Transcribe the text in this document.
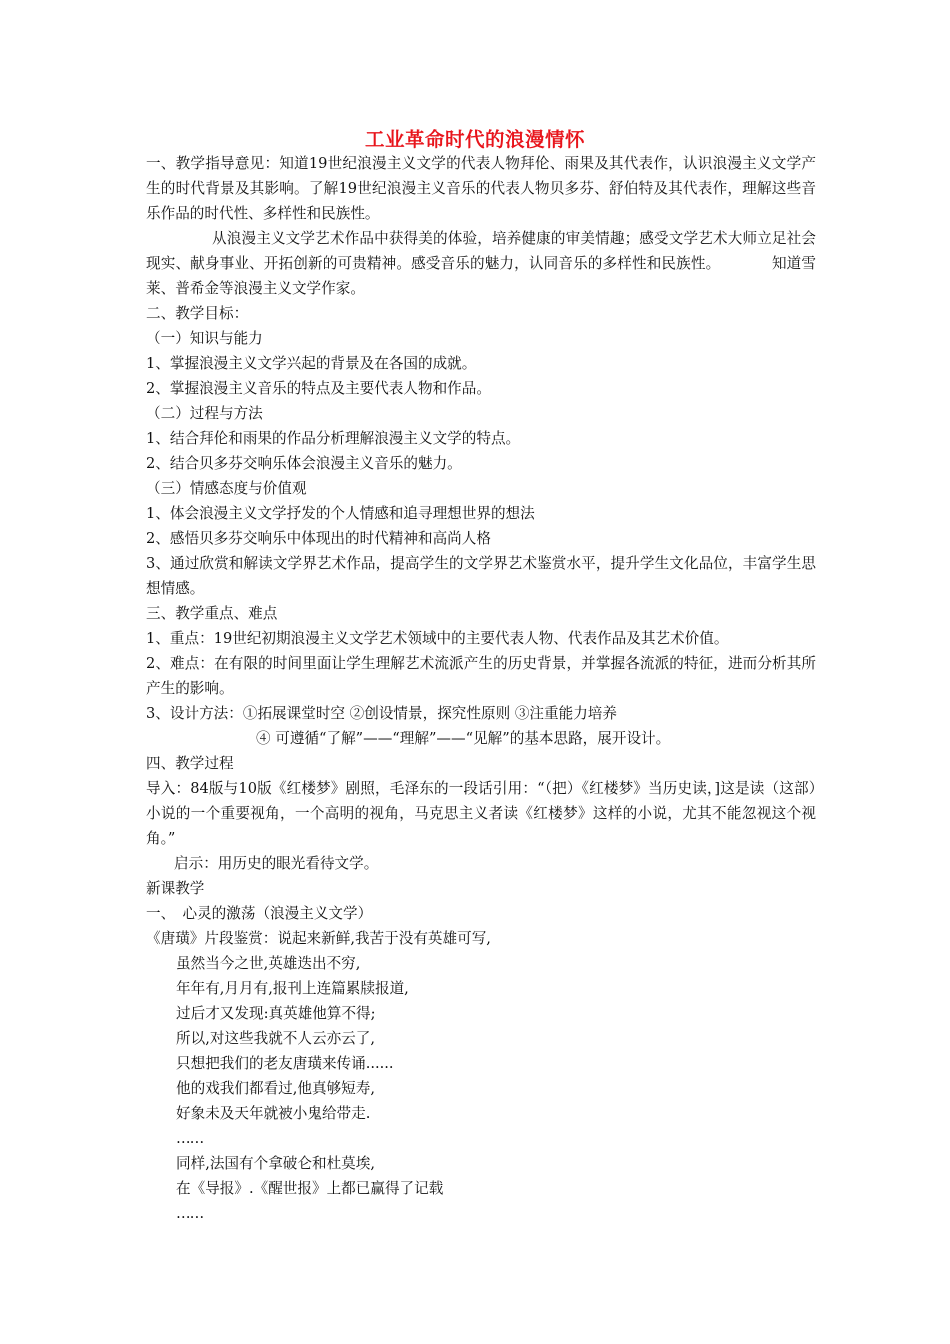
工业革命时代的浪漫情怀

一、教学指导意见：知道19世纪浪漫主义文学的代表人物拜伦、雨果及其代表作，认识浪漫主义文学产生的时代背景及其影响。了解19世纪浪漫主义音乐的代表人物贝多芬、舒伯特及其代表作，理解这些音乐作品的时代性、多样性和民族性。

从浪漫主义文学艺术作品中获得美的体验，培养健康的审美情趣；感受文学艺术大师立足社会现实、献身事业、开拓创新的可贵精神。感受音乐的魅力，认同音乐的多样性和民族性。　　　　知道雪莱、普希金等浪漫主义文学作家。

二、教学目标：

（一）知识与能力

1、掌握浪漫主义文学兴起的背景及在各国的成就。

2、掌握浪漫主义音乐的特点及主要代表人物和作品。

（二）过程与方法

1、结合拜伦和雨果的作品分析理解浪漫主义文学的特点。

2、结合贝多芬交响乐体会浪漫主义音乐的魅力。

（三）情感态度与价值观

1、体会浪漫主义文学抒发的个人情感和追寻理想世界的想法

2、感悟贝多芬交响乐中体现出的时代精神和高尚人格

3、通过欣赏和解读文学界艺术作品，提高学生的文学界艺术鉴赏水平，提升学生文化品位，丰富学生思想情感。

三、教学重点、难点

1、重点：19世纪初期浪漫主义文学艺术领域中的主要代表人物、代表作品及其艺术价值。

2、难点：在有限的时间里面让学生理解艺术流派产生的历史背景，并掌握各流派的特征，进而分析其所产生的影响。

3、设计方法：①拓展课堂时空 ②创设情景，探究性原则 ③注重能力培养

④ 可遵循“了解”——“理解”——“见解”的基本思路，展开设计。

四、教学过程

导入：84版与10版《红楼梦》剧照，毛泽东的一段话引用：“（把）《红楼梦》当历史读，]这是读（这部）小说的一个重要视角，一个高明的视角，马克思主义者读《红楼梦》这样的小说，尤其不能忽视这个视角。”

启示：用历史的眼光看待文学。

新课教学

一、　心灵的激荡（浪漫主义文学）

《唐璜》片段鉴赏：说起来新鲜,我苦于没有英雄可写,

虽然当今之世,英雄迭出不穷,

年年有,月月有,报刊上连篇累牍报道,

过后才又发现:真英雄他算不得;

所以,对这些我就不人云亦云了,

只想把我们的老友唐璜来传诵......

他的戏我们都看过,他真够短寿,

好象未及天年就被小鬼给带走.

……

同样,法国有个拿破仑和杜莫埃,

在《导报》.《醒世报》上都已赢得了记载

……
